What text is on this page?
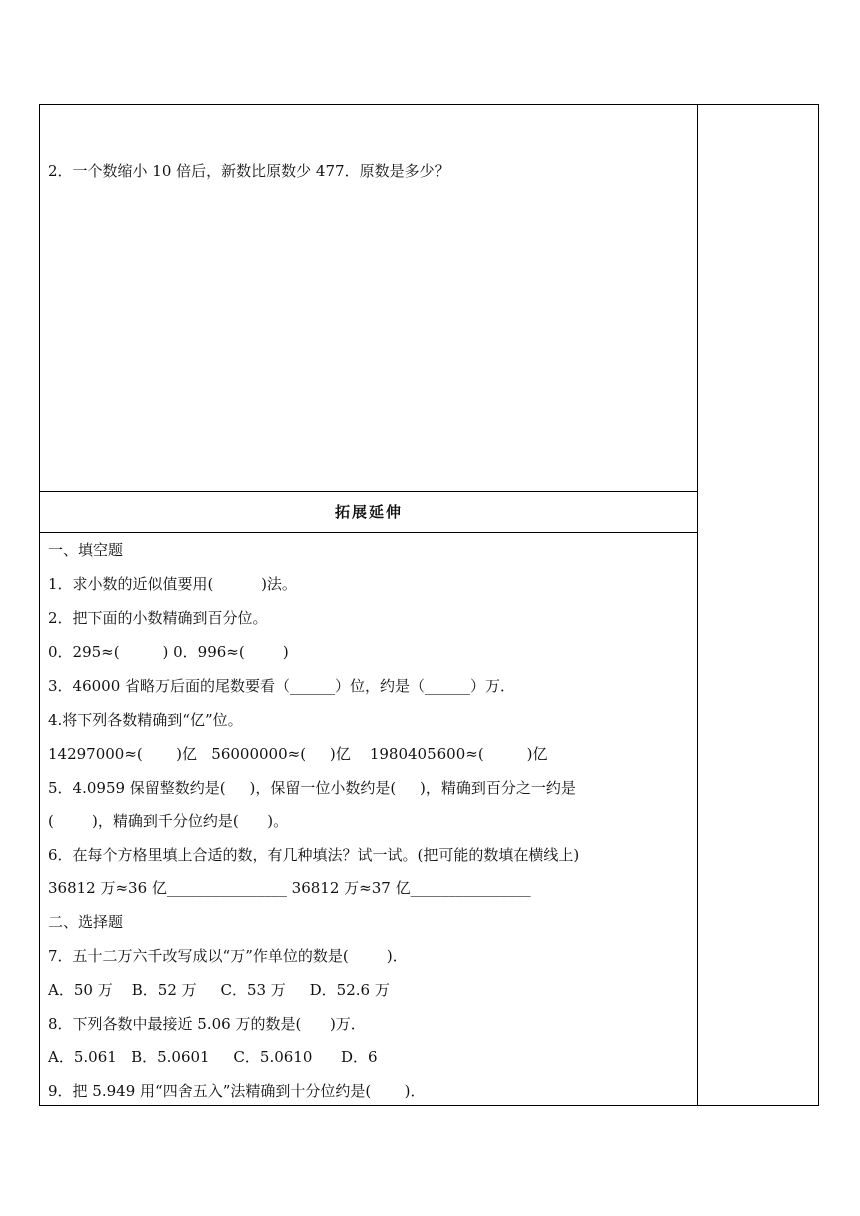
2．一个数缩小 10 倍后，新数比原数少 477．原数是多少？
拓展延伸
一、填空题
1．求小数的近似值要用(          )法。
2．把下面的小数精确到百分位。
0．295≈(         ) 0．996≈(        )
3．46000 省略万后面的尾数要看（______）位，约是（______）万．
4.将下列各数精确到“亿”位。
14297000≈(       )亿   56000000≈(     )亿    1980405600≈(         )亿
5．4.0959 保留整数约是(     )，保留一位小数约是(     )，精确到百分之一约是
(        )，精确到千分位约是(      )。
6．在每个方格里填上合适的数，有几种填法？试一试。(把可能的数填在横线上)
36812 万≈36 亿________________ 36812 万≈37 亿________________
二、选择题
7．五十二万六千改写成以“万”作单位的数是(        )．
A．50 万    B．52 万     C．53 万     D．52.6 万
8．下列各数中最接近 5.06 万的数是(      )万．
A．5.061   B．5.0601     C．5.0610      D．6
9．把 5.949 用“四舍五入”法精确到十分位约是(       )．
